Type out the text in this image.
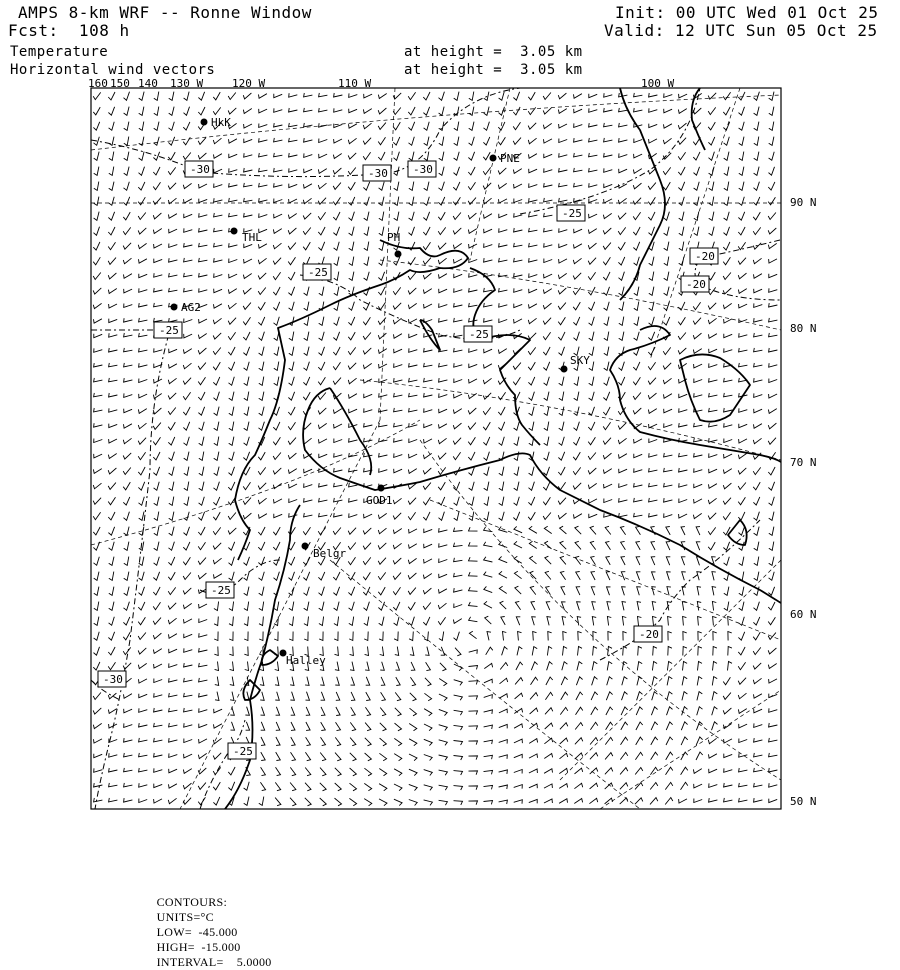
AMPS 8-km WRF -- Ronne Window
Fcst:  108 h
Init: 00 UTC Wed 01 Oct 25
Valid: 12 UTC Sun 05 Oct 25
Temperature
Horizontal wind vectors
at height =  3.05 km
at height =  3.05 km
160 150 140 130 W	120 W	110 W	100 W
90 N
80 N
70 N
60 N
50 N
HkK
PNE
THL	PH
AG2
SKY
GOD1
Belgr
Halley
-30	-30 -30
-25
-20
-20
-25
-25	-25
-25
-20
-30
-25

CONTOURS:
UNITS=°C
LOW=  -45.000
HIGH=  -15.000
INTERVAL=    5.0000
